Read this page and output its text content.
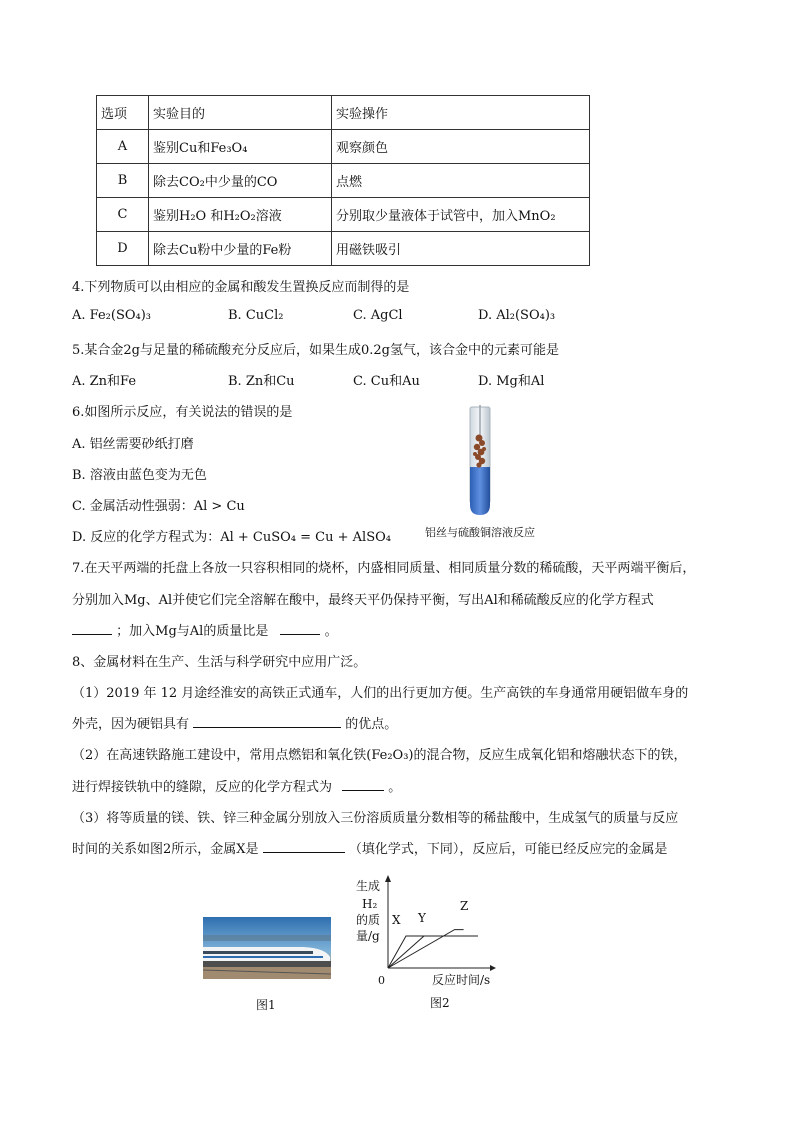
选项	实验目的	实验操作
A	鉴别Cu和Fe₃O₄	观察颜色
B	除去CO₂中少量的CO	点燃
C	鉴别H₂O 和H₂O₂溶液	分别取少量液体于试管中，加入MnO₂
D	除去Cu粉中少量的Fe粉	用磁铁吸引
4.下列物质可以由相应的金属和酸发生置换反应而制得的是
A. Fe₂(SO₄)₃	B. CuCl₂	C. AgCl	D. Al₂(SO₄)₃
5.某合金2g与足量的稀硫酸充分反应后，如果生成0.2g氢气，该合金中的元素可能是
A. Zn和Fe	B. Zn和Cu	C. Cu和Au	D. Mg和Al
6.如图所示反应，有关说法的错误的是
A. 铝丝需要砂纸打磨
B. 溶液由蓝色变为无色
C. 金属活动性强弱：Al > Cu
D. 反应的化学方程式为：Al + CuSO₄ = Cu + AlSO₄	铝丝与硫酸铜溶液反应
7.在天平两端的托盘上各放一只容积相同的烧杯，内盛相同质量、相同质量分数的稀硫酸，天平两端平衡后，
分别加入Mg、Al并使它们完全溶解在酸中，最终天平仍保持平衡，写出Al和稀硫酸反应的化学方程式
；加入Mg与Al的质量比是	。
8、金属材料在生产、生活与科学研究中应用广泛。
（1）2019 年 12 月途经淮安的高铁正式通车，人们的出行更加方便。生产高铁的车身通常用硬铝做车身的
外壳，因为硬铝具有	的优点。
（2）在高速铁路施工建设中，常用点燃铝和氧化铁(Fe₂O₃)的混合物，反应生成氧化铝和熔融状态下的铁，
进行焊接铁轨中的缝隙，反应的化学方程式为	。
（3）将等质量的镁、铁、锌三种金属分别放入三份溶质质量分数相等的稀盐酸中，生成氢气的质量与反应
时间的关系如图2所示，金属X是	（填化学式，下同），反应后，可能已经反应完的金属是
图1
生成
H₂
的质
量/g
0	反应时间/s
X Y
Z
图2
